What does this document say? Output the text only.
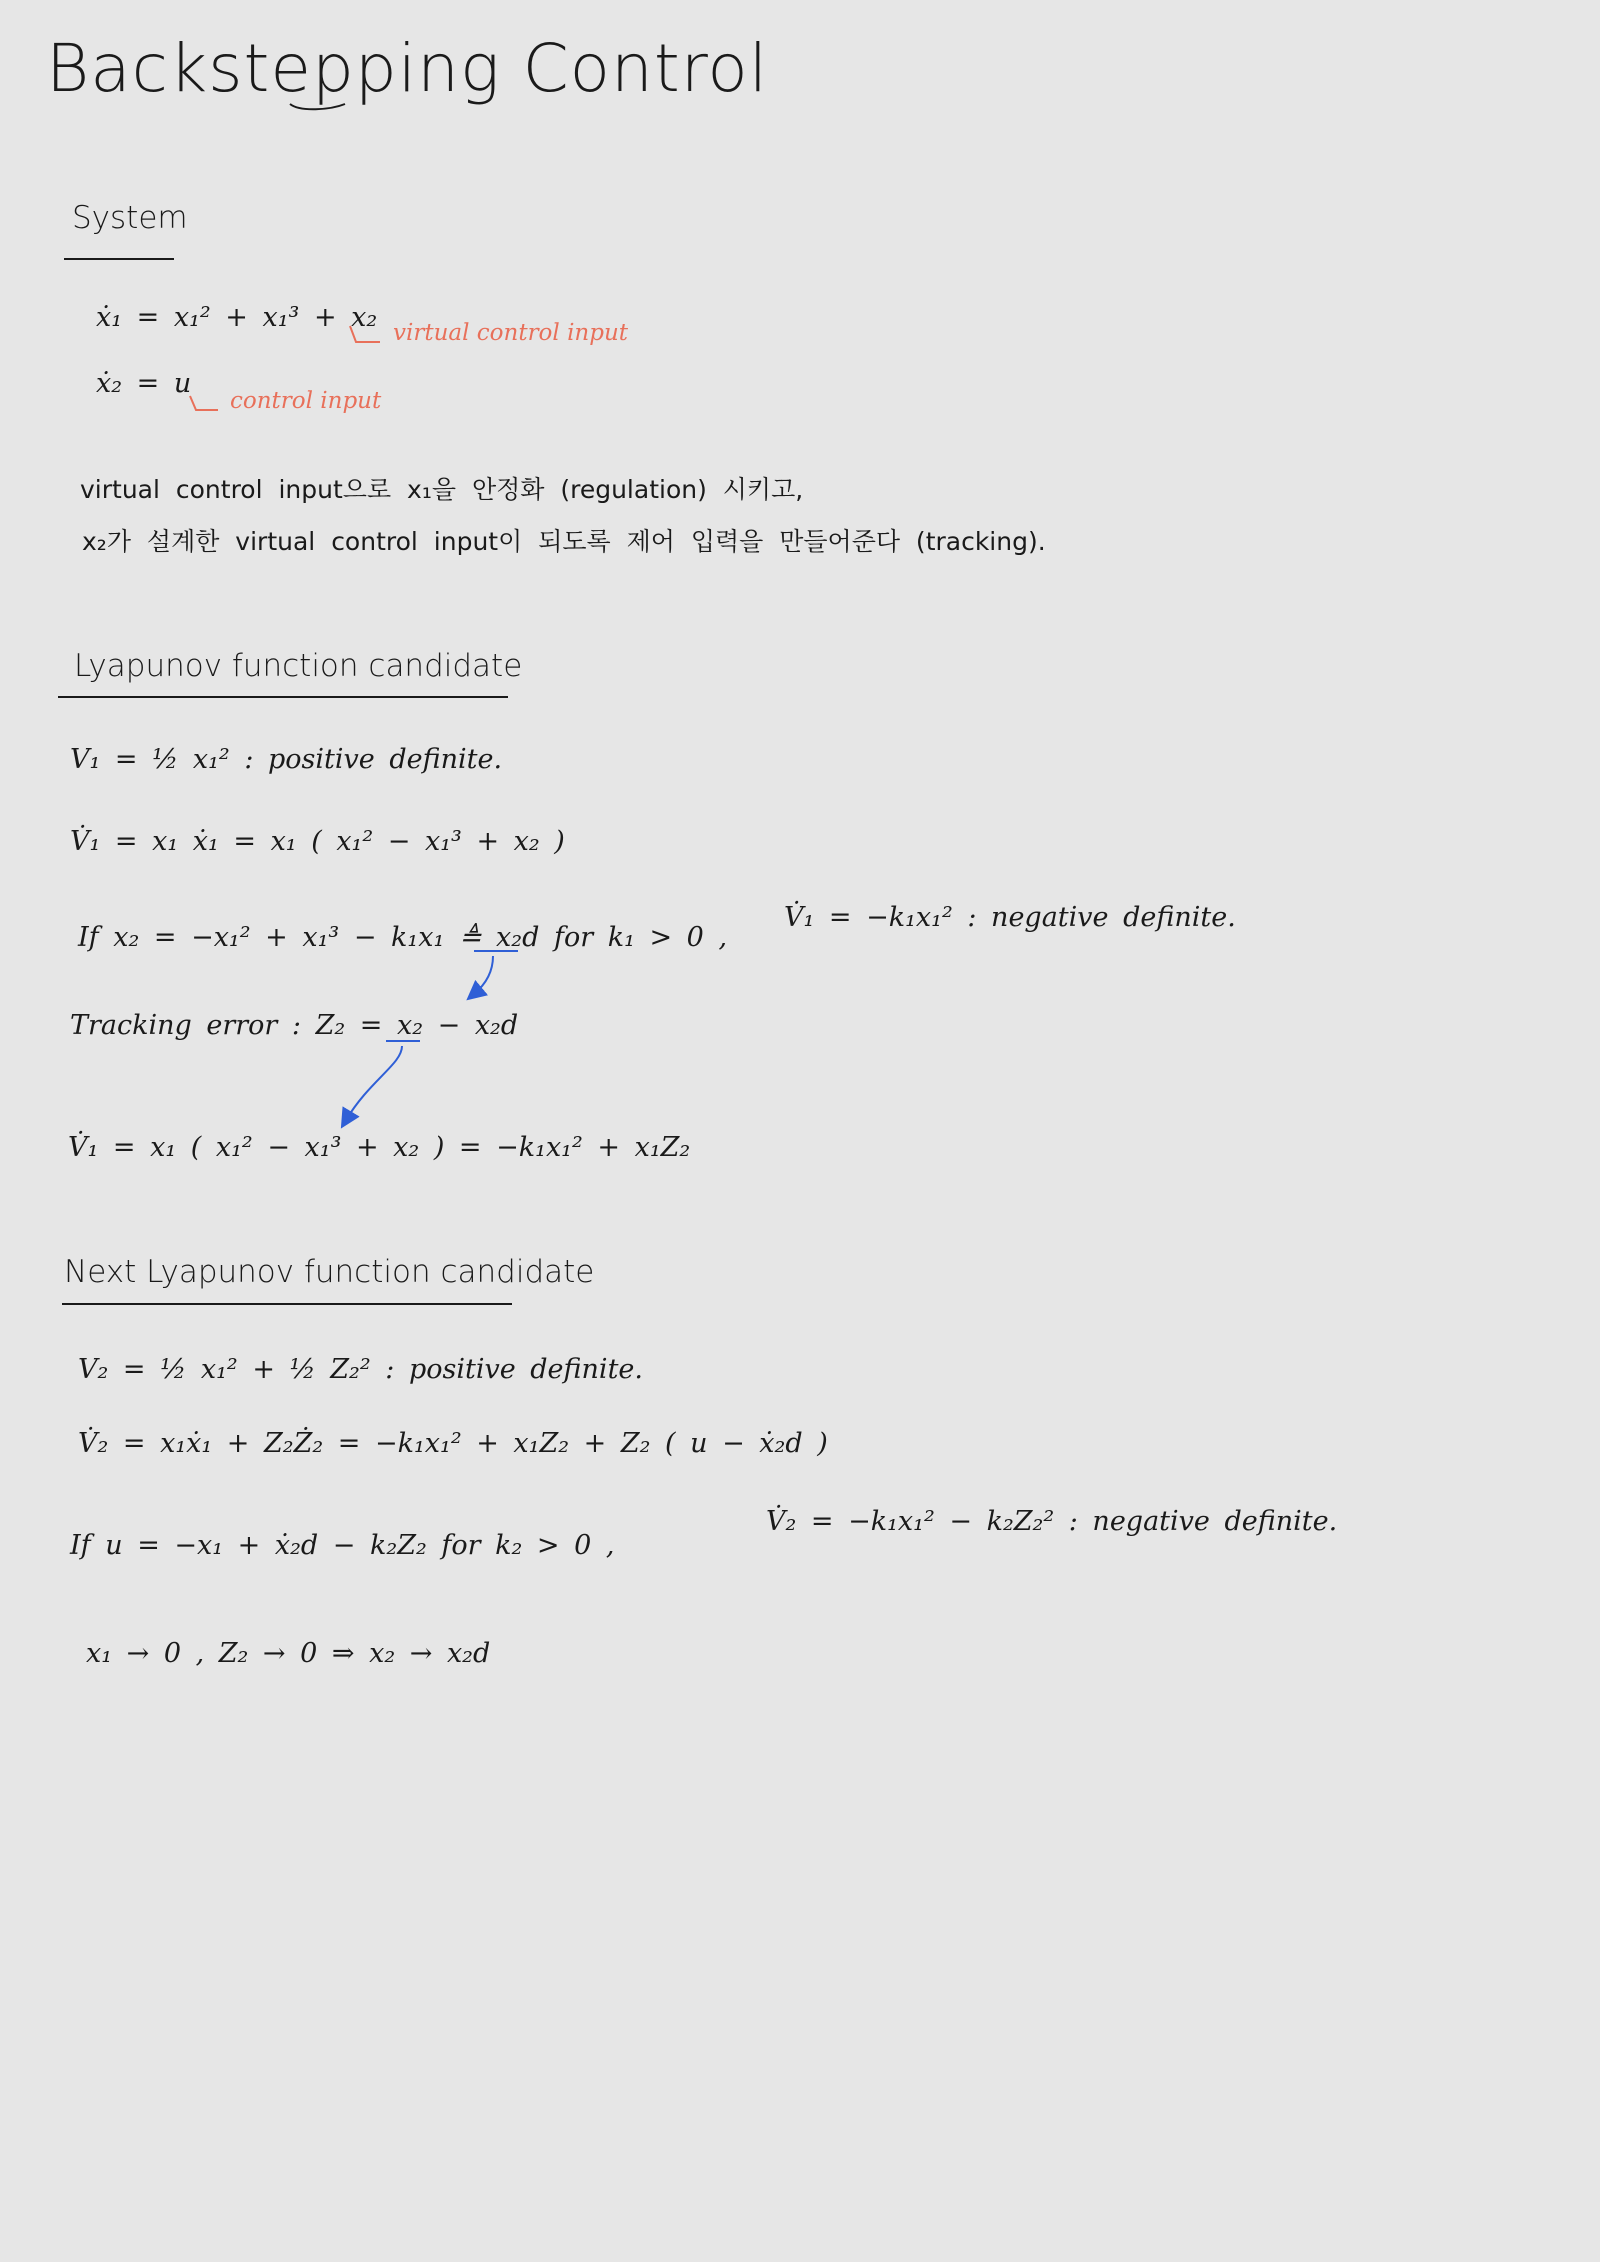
Backstepping Control
System
ẋ₁ = x₁² + x₁³ + x₂ virtual control input
ẋ₂ = u
control input
virtual control input으로 x₁을 안정화 (regulation) 시키고,
x₂가 설계한 virtual control input이 되도록 제어 입력을 만들어준다 (tracking).
Lyapunov function candidate
V₁ = ½ x₁² : positive definite.
V̇₁ = x₁ ẋ₁ = x₁ ( x₁² − x₁³ + x₂ )
If x₂ = −x₁² + x₁³ − k₁x₁ ≜ x₂d for k₁ > 0 ,
V̇₁ = −k₁x₁² : negative definite.
Tracking error : Z₂ = x₂ − x₂d
V̇₁ = x₁ ( x₁² − x₁³ + x₂ ) = −k₁x₁² + x₁Z₂
Next Lyapunov function candidate
V₂ = ½ x₁² + ½ Z₂² : positive definite.
V̇₂ = x₁ẋ₁ + Z₂Ż₂ = −k₁x₁² + x₁Z₂ + Z₂ ( u − ẋ₂d )
If u = −x₁ + ẋ₂d − k₂Z₂ for k₂ > 0 ,
V̇₂ = −k₁x₁² − k₂Z₂² : negative definite.
x₁ → 0 , Z₂ → 0 ⇒ x₂ → x₂d
